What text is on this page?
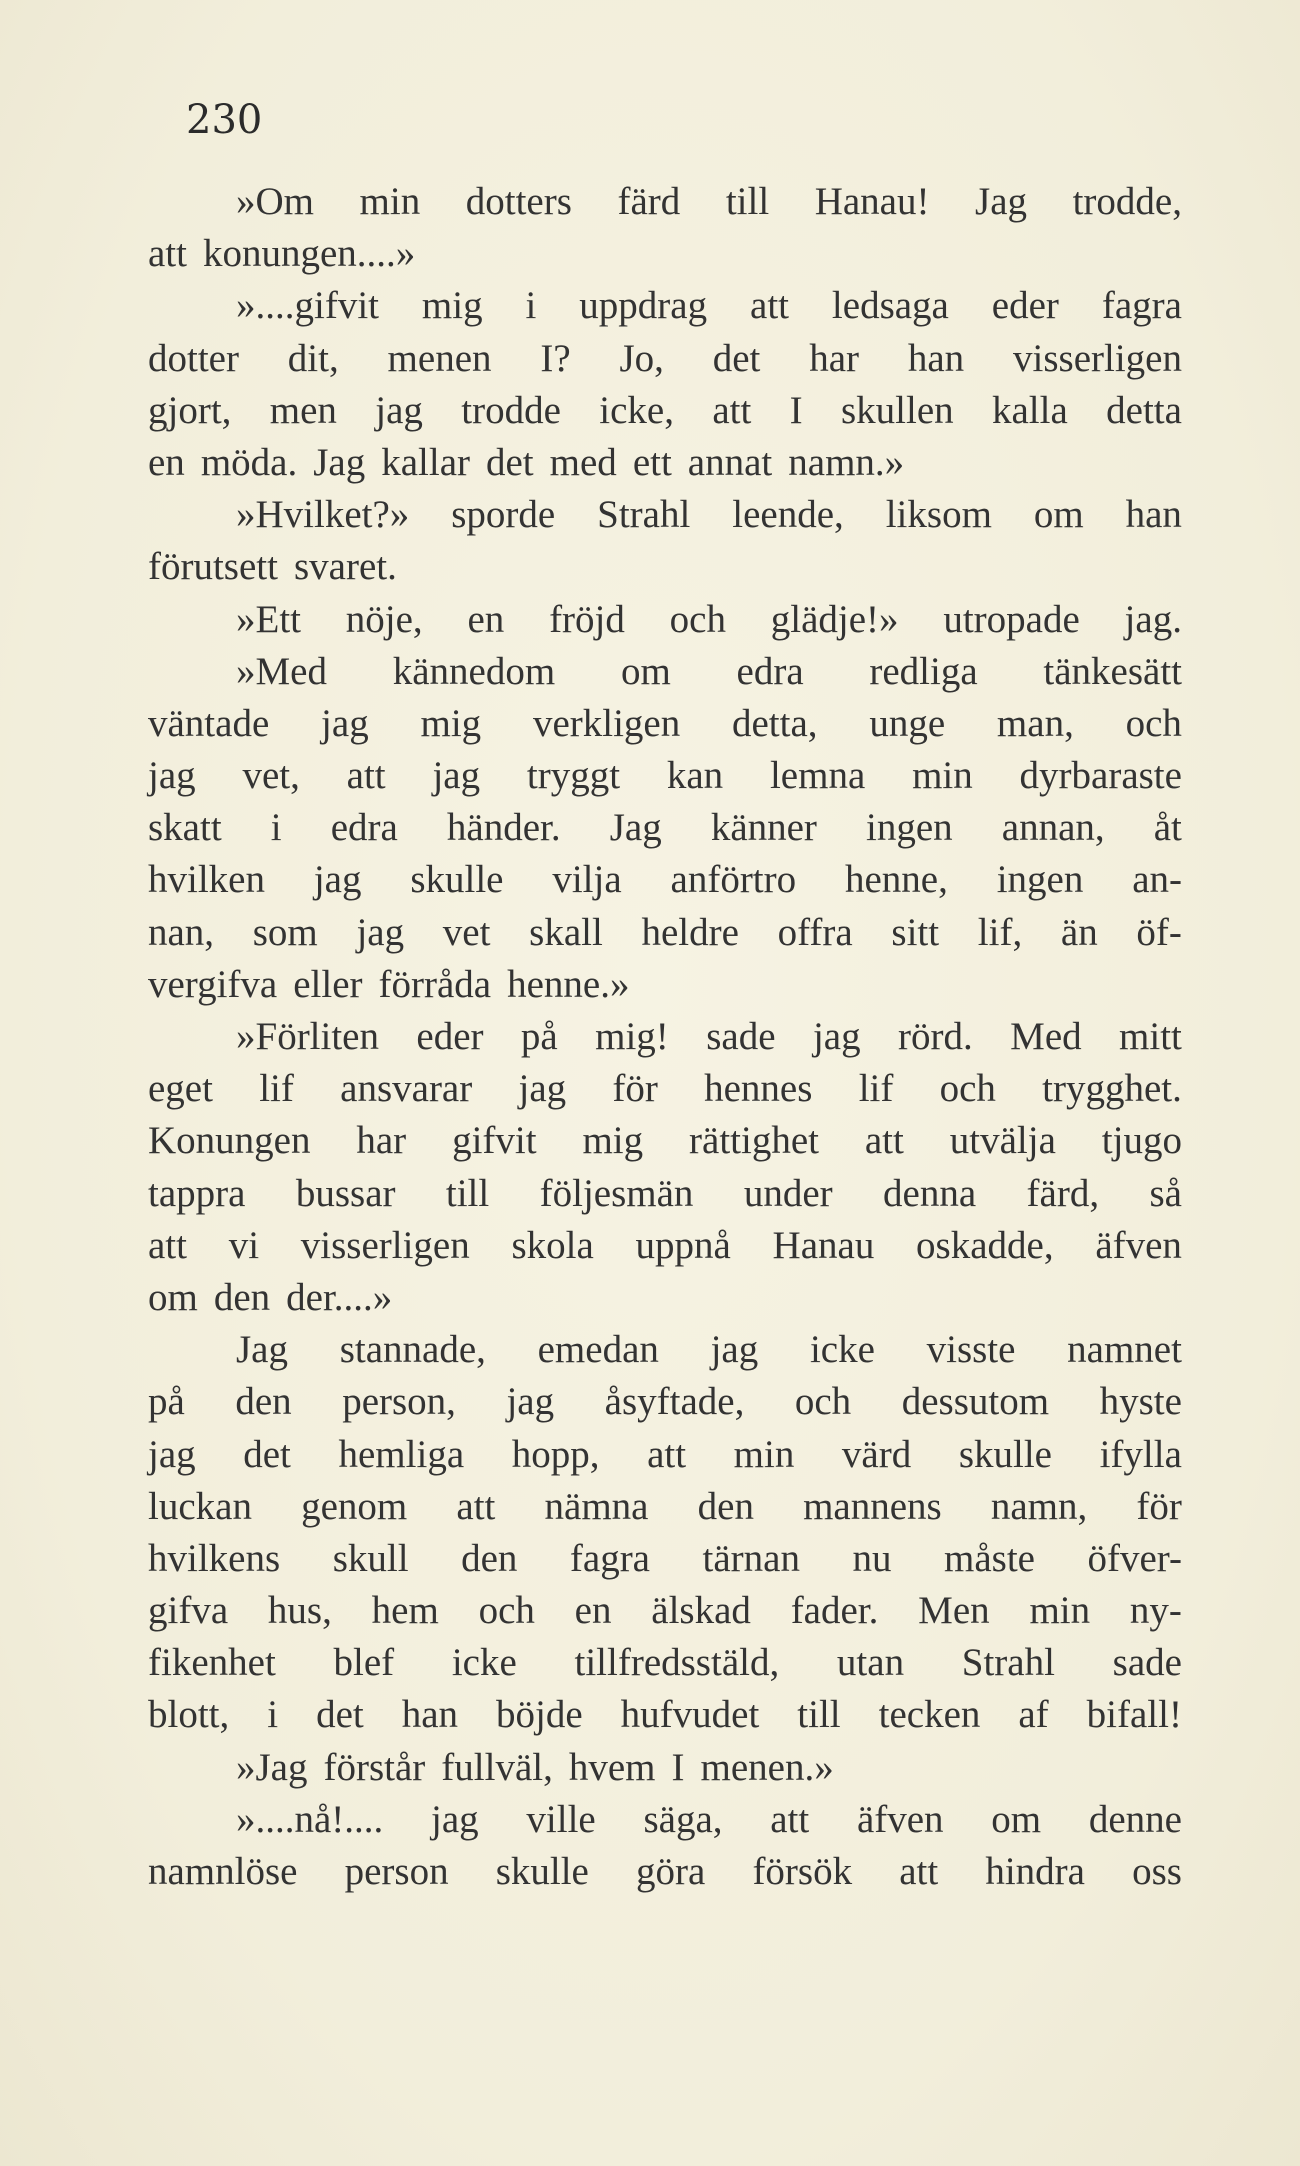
230
»Om min dotters färd till Hanau! Jag trodde,
att konungen....»
»....gifvit mig i uppdrag att ledsaga eder fagra
dotter dit, menen I? Jo, det har han visserligen
gjort, men jag trodde icke, att I skullen kalla detta
en möda. Jag kallar det med ett annat namn.»
»Hvilket?» sporde Strahl leende, liksom om han
förutsett svaret.
»Ett nöje, en fröjd och glädje!» utropade jag.
»Med kännedom om edra redliga tänkesätt
väntade jag mig verkligen detta, unge man, och
jag vet, att jag tryggt kan lemna min dyrbaraste
skatt i edra händer. Jag känner ingen annan, åt
hvilken jag skulle vilja anförtro henne, ingen an-
nan, som jag vet skall heldre offra sitt lif, än öf-
vergifva eller förråda henne.»
»Förliten eder på mig! sade jag rörd. Med mitt
eget lif ansvarar jag för hennes lif och trygghet.
Konungen har gifvit mig rättighet att utvälja tjugo
tappra bussar till följesmän under denna färd, så
att vi visserligen skola uppnå Hanau oskadde, äfven
om den der....»
Jag stannade, emedan jag icke visste namnet
på den person, jag åsyftade, och dessutom hyste
jag det hemliga hopp, att min värd skulle ifylla
luckan genom att nämna den mannens namn, för
hvilkens skull den fagra tärnan nu måste öfver-
gifva hus, hem och en älskad fader. Men min ny-
fikenhet blef icke tillfredsstäld, utan Strahl sade
blott, i det han böjde hufvudet till tecken af bifall!
»Jag förstår fullväl, hvem I menen.»
»....nå!.... jag ville säga, att äfven om denne
namnlöse person skulle göra försök att hindra oss
